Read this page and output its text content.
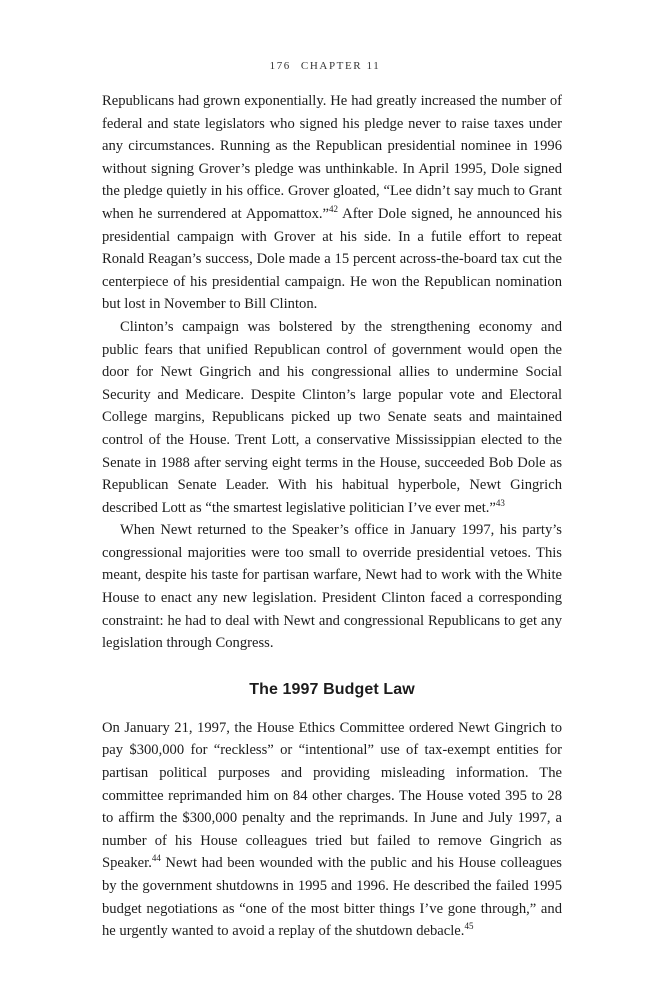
176 CHAPTER 11

Republicans had grown exponentially. He had greatly increased the number of federal and state legislators who signed his pledge never to raise taxes under any circumstances. Running as the Republican presidential nominee in 1996 without signing Grover’s pledge was unthinkable. In April 1995, Dole signed the pledge quietly in his office. Grover gloated, “Lee didn’t say much to Grant when he surrendered at Appomattox.”$^{42}$ After Dole signed, he announced his presidential campaign with Grover at his side. In a futile effort to repeat Ronald Reagan’s success, Dole made a 15 percent across-the-board tax cut the centerpiece of his presidential campaign. He won the Republican nomination but lost in November to Bill Clinton.

Clinton’s campaign was bolstered by the strengthening economy and public fears that unified Republican control of government would open the door for Newt Gingrich and his congressional allies to undermine Social Security and Medicare. Despite Clinton’s large popular vote and Electoral College margins, Republicans picked up two Senate seats and maintained control of the House. Trent Lott, a conservative Mississippian elected to the Senate in 1988 after serving eight terms in the House, succeeded Bob Dole as Republican Senate Leader. With his habitual hyperbole, Newt Gingrich described Lott as “the smartest legislative politician I’ve ever met.”$^{43}$

When Newt returned to the Speaker’s office in January 1997, his party’s congressional majorities were too small to override presidential vetoes. This meant, despite his taste for partisan warfare, Newt had to work with the White House to enact any new legislation. President Clinton faced a corresponding constraint: he had to deal with Newt and congressional Republicans to get any legislation through Congress.

The 1997 Budget Law

On January 21, 1997, the House Ethics Committee ordered Newt Gingrich to pay $300,000 for “reckless” or “intentional” use of tax-exempt entities for partisan political purposes and providing misleading information. The committee reprimanded him on 84 other charges. The House voted 395 to 28 to affirm the $300,000 penalty and the reprimands. In June and July 1997, a number of his House colleagues tried but failed to remove Gingrich as Speaker.$^{44}$ Newt had been wounded with the public and his House colleagues by the government shutdowns in 1995 and 1996. He described the failed 1995 budget negotiations as “one of the most bitter things I’ve gone through,” and he urgently wanted to avoid a replay of the shutdown debacle.$^{45}$
